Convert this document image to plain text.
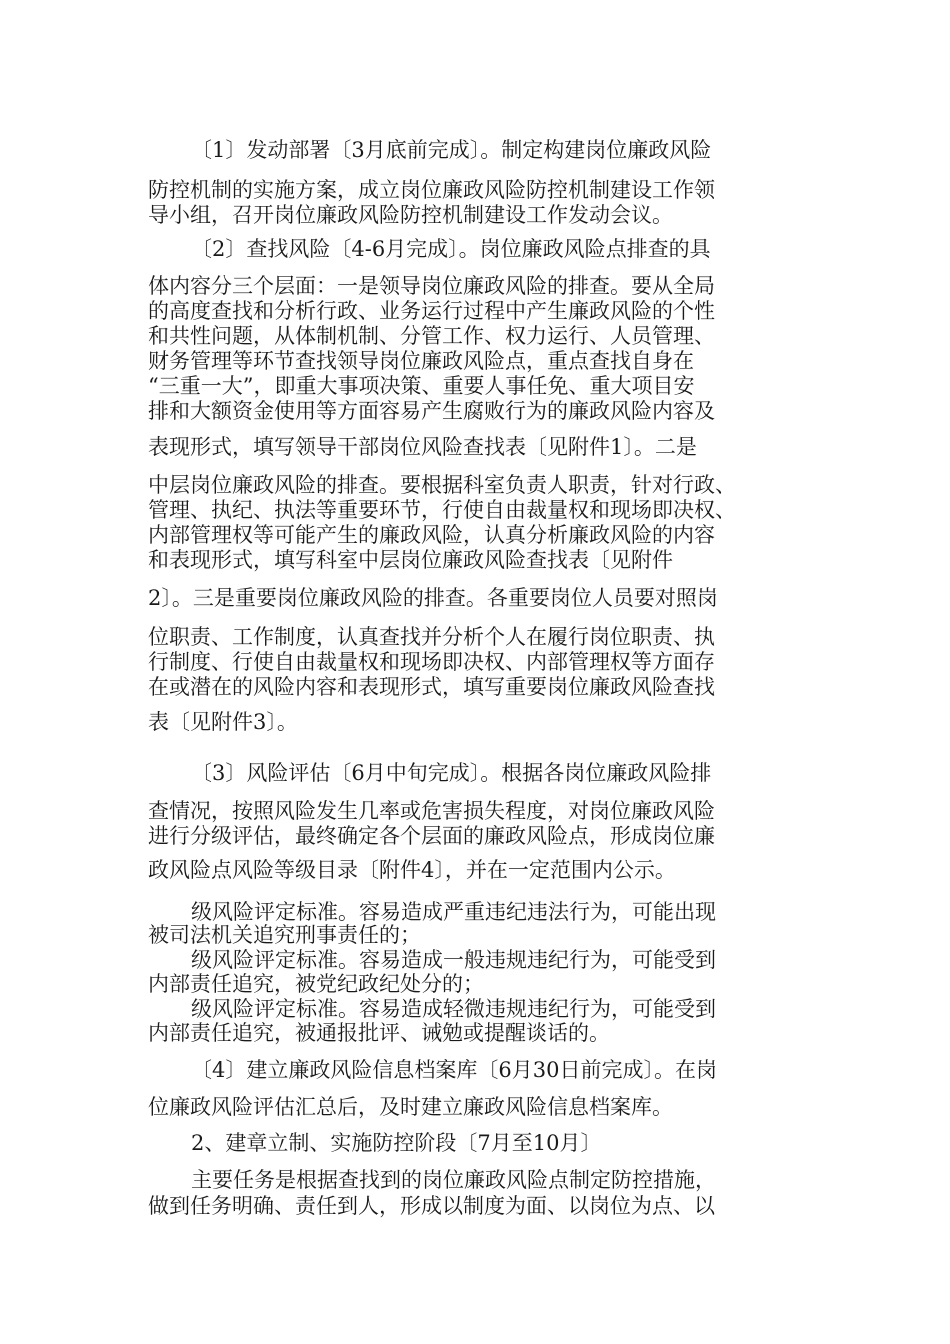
〔1〕发动部署〔3月底前完成〕。制定构建岗位廉政风险
防控机制的实施方案，成立岗位廉政风险防控机制建设工作领
导小组，召开岗位廉政风险防控机制建设工作发动会议。
〔2〕查找风险〔4-6月完成〕。岗位廉政风险点排查的具
体内容分三个层面：一是领导岗位廉政风险的排查。要从全局
的高度查找和分析行政、业务运行过程中产生廉政风险的个性
和共性问题，从体制机制、分管工作、权力运行、人员管理、
财务管理等环节查找领导岗位廉政风险点，重点查找自身在
“三重一大”，即重大事项决策、重要人事任免、重大项目安
排和大额资金使用等方面容易产生腐败行为的廉政风险内容及
表现形式，填写领导干部岗位风险查找表〔见附件1〕。二是
中层岗位廉政风险的排查。要根据科室负责人职责，针对行政、
管理、执纪、执法等重要环节，行使自由裁量权和现场即决权、
内部管理权等可能产生的廉政风险，认真分析廉政风险的内容
和表现形式，填写科室中层岗位廉政风险查找表〔见附件
2〕。三是重要岗位廉政风险的排查。各重要岗位人员要对照岗
位职责、工作制度，认真查找并分析个人在履行岗位职责、执
行制度、行使自由裁量权和现场即决权、内部管理权等方面存
在或潜在的风险内容和表现形式，填写重要岗位廉政风险查找
表〔见附件3〕。
〔3〕风险评估〔6月中旬完成〕。根据各岗位廉政风险排
查情况，按照风险发生几率或危害损失程度，对岗位廉政风险
进行分级评估，最终确定各个层面的廉政风险点，形成岗位廉
政风险点风险等级目录〔附件4〕，并在一定范围内公示。
级风险评定标准。容易造成严重违纪违法行为，可能出现
被司法机关追究刑事责任的；
级风险评定标准。容易造成一般违规违纪行为，可能受到
内部责任追究，被党纪政纪处分的；
级风险评定标准。容易造成轻微违规违纪行为，可能受到
内部责任追究，被通报批评、诫勉或提醒谈话的。
〔4〕建立廉政风险信息档案库〔6月30日前完成〕。在岗
位廉政风险评估汇总后，及时建立廉政风险信息档案库。
2、建章立制、实施防控阶段〔7月至10月〕
主要任务是根据查找到的岗位廉政风险点制定防控措施，
做到任务明确、责任到人，形成以制度为面、以岗位为点、以
